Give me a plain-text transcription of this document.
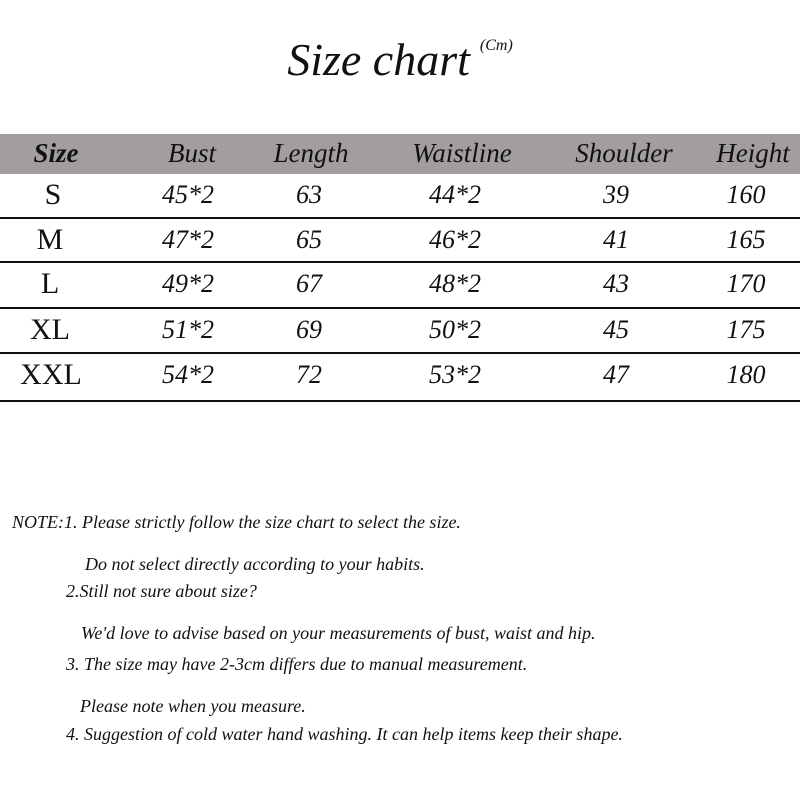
Size chart $^{(Cm)}$
Size	Bust Length Waistline Shoulder Height
S	45*2	63	44*2	39	160
M	47*2	65	46*2	41	165
L	49*2	67	48*2	43	170
XL	51*2	69	50*2	45	175
XXL	54*2	72	53*2	47	180
NOTE:1. Please strictly follow the size chart to select the size.
Do not select directly according to your habits.
2.Still not sure about size?
We'd love to advise based on your measurements of bust, waist and hip.
3. The size may have 2-3cm differs due to manual measurement.
Please note when you measure.
4. Suggestion of cold water hand washing. It can help items keep their shape.
